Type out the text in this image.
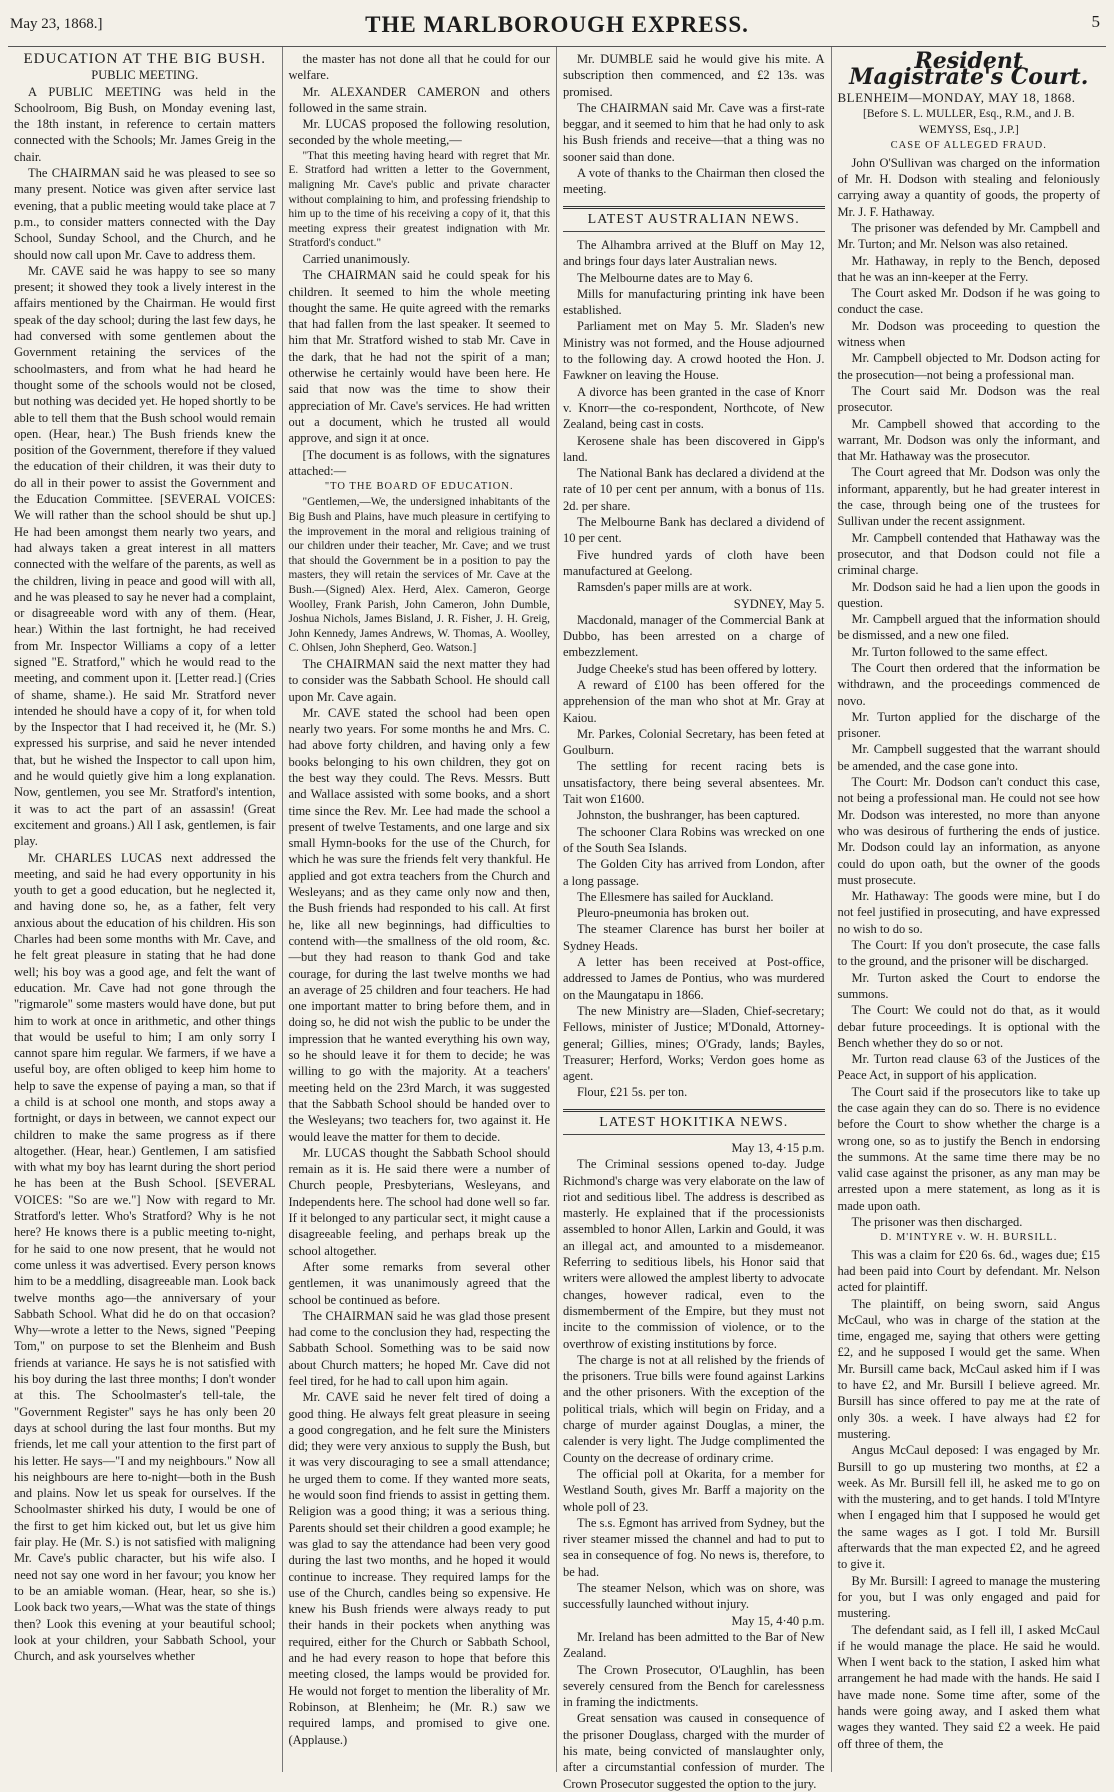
May 23, 1868.]	THE MARLBOROUGH EXPRESS.	5

EDUCATION AT THE BIG BUSH.

PUBLIC MEETING.

A PUBLIC MEETING was held in the Schoolroom, Big Bush, on Monday evening last, the 18th instant, in reference to certain matters connected with the Schools; Mr. James Greig in the chair.

The CHAIRMAN said he was pleased to see so many present. Notice was given after service last evening, that a public meeting would take place at 7 p.m., to consider matters connected with the Day School, Sunday School, and the Church, and he should now call upon Mr. Cave to address them.

Mr. CAVE said he was happy to see so many present; it showed they took a lively interest in the affairs mentioned by the Chairman. He would first speak of the day school; during the last few days, he had conversed with some gentlemen about the Government retaining the services of the schoolmasters, and from what he had heard he thought some of the schools would not be closed, but nothing was decided yet. He hoped shortly to be able to tell them that the Bush school would remain open. (Hear, hear.) The Bush friends knew the position of the Government, therefore if they valued the education of their children, it was their duty to do all in their power to assist the Government and the Education Committee. [SEVERAL VOICES: We will rather than the school should be shut up.] He had been amongst them nearly two years, and had always taken a great interest in all matters connected with the welfare of the parents, as well as the children, living in peace and good will with all, and he was pleased to say he never had a complaint, or disagreeable word with any of them. (Hear, hear.) Within the last fortnight, he had received from Mr. Inspector Williams a copy of a letter signed "E. Stratford," which he would read to the meeting, and comment upon it. [Letter read.] (Cries of shame, shame.). He said Mr. Stratford never intended he should have a copy of it, for when told by the Inspector that I had received it, he (Mr. S.) expressed his surprise, and said he never intended that, but he wished the Inspector to call upon him, and he would quietly give him a long explanation. Now, gentlemen, you see Mr. Stratford's intention, it was to act the part of an assassin! (Great excitement and groans.) All I ask, gentlemen, is fair play.

Mr. CHARLES LUCAS next addressed the meeting, and said he had every opportunity in his youth to get a good education, but he neglected it, and having done so, he, as a father, felt very anxious about the education of his children. His son Charles had been some months with Mr. Cave, and he felt great pleasure in stating that he had done well; his boy was a good age, and felt the want of education. Mr. Cave had not gone through the "rigmarole" some masters would have done, but put him to work at once in arithmetic, and other things that would be useful to him; I am only sorry I cannot spare him regular. We farmers, if we have a useful boy, are often obliged to keep him home to help to save the expense of paying a man, so that if a child is at school one month, and stops away a fortnight, or days in between, we cannot expect our children to make the same progress as if there altogether. (Hear, hear.) Gentlemen, I am satisfied with what my boy has learnt during the short period he has been at the Bush School. [SEVERAL VOICES: "So are we."] Now with regard to Mr. Stratford's letter. Who's Stratford? Why is he not here? He knows there is a public meeting to-night, for he said to one now present, that he would not come unless it was advertised. Every person knows him to be a meddling, disagreeable man. Look back twelve months ago—the anniversary of your Sabbath School. What did he do on that occasion? Why—wrote a letter to the News, signed "Peeping Tom," on purpose to set the Blenheim and Bush friends at variance. He says he is not satisfied with his boy during the last three months; I don't wonder at this. The Schoolmaster's tell-tale, the "Government Register" says he has only been 20 days at school during the last four months. But my friends, let me call your attention to the first part of his letter. He says—"I and my neighbours." Now all his neighbours are here to-night—both in the Bush and plains. Now let us speak for ourselves. If the Schoolmaster shirked his duty, I would be one of the first to get him kicked out, but let us give him fair play. He (Mr. S.) is not satisfied with maligning Mr. Cave's public character, but his wife also. I need not say one word in her favour; you know her to be an amiable woman. (Hear, hear, so she is.) Look back two years,—What was the state of things then? Look this evening at your beautiful school; look at your children, your Sabbath School, your Church, and ask yourselves whether

the master has not done all that he could for our welfare.

Mr. ALEXANDER CAMERON and others followed in the same strain.

Mr. LUCAS proposed the following resolution, seconded by the whole meeting,—

"That this meeting having heard with regret that Mr. E. Stratford had written a letter to the Government, maligning Mr. Cave's public and private character without complaining to him, and professing friendship to him up to the time of his receiving a copy of it, that this meeting express their greatest indignation with Mr. Stratford's conduct."

Carried unanimously.

The CHAIRMAN said he could speak for his children. It seemed to him the whole meeting thought the same. He quite agreed with the remarks that had fallen from the last speaker. It seemed to him that Mr. Stratford wished to stab Mr. Cave in the dark, that he had not the spirit of a man; otherwise he certainly would have been here. He said that now was the time to show their appreciation of Mr. Cave's services. He had written out a document, which he trusted all would approve, and sign it at once.

[The document is as follows, with the signatures attached:—

"TO THE BOARD OF EDUCATION.

"Gentlemen,—We, the undersigned inhabitants of the Big Bush and Plains, have much pleasure in certifying to the improvement in the moral and religious training of our children under their teacher, Mr. Cave; and we trust that should the Government be in a position to pay the masters, they will retain the services of Mr. Cave at the Bush.—(Signed) Alex. Herd, Alex. Cameron, George Woolley, Frank Parish, John Cameron, John Dumble, Joshua Nichols, James Bisland, J. R. Fisher, J. H. Greig, John Kennedy, James Andrews, W. Thomas, A. Woolley, C. Ohlsen, John Shepherd, Geo. Watson.]

The CHAIRMAN said the next matter they had to consider was the Sabbath School. He should call upon Mr. Cave again.

Mr. CAVE stated the school had been open nearly two years. For some months he and Mrs. C. had above forty children, and having only a few books belonging to his own children, they got on the best way they could. The Revs. Messrs. Butt and Wallace assisted with some books, and a short time since the Rev. Mr. Lee had made the school a present of twelve Testaments, and one large and six small Hymn-books for the use of the Church, for which he was sure the friends felt very thankful. He applied and got extra teachers from the Church and Wesleyans; and as they came only now and then, the Bush friends had responded to his call. At first he, like all new beginnings, had difficulties to contend with—the smallness of the old room, &c.—but they had reason to thank God and take courage, for during the last twelve months we had an average of 25 children and four teachers. He had one important matter to bring before them, and in doing so, he did not wish the public to be under the impression that he wanted everything his own way, so he should leave it for them to decide; he was willing to go with the majority. At a teachers' meeting held on the 23rd March, it was suggested that the Sabbath School should be handed over to the Wesleyans; two teachers for, two against it. He would leave the matter for them to decide.

Mr. LUCAS thought the Sabbath School should remain as it is. He said there were a number of Church people, Presbyterians, Wesleyans, and Independents here. The school had done well so far. If it belonged to any particular sect, it might cause a disagreeable feeling, and perhaps break up the school altogether.

After some remarks from several other gentlemen, it was unanimously agreed that the school be continued as before.

The CHAIRMAN said he was glad those present had come to the conclusion they had, respecting the Sabbath School. Something was to be said now about Church matters; he hoped Mr. Cave did not feel tired, for he had to call upon him again.

Mr. CAVE said he never felt tired of doing a good thing. He always felt great pleasure in seeing a good congregation, and he felt sure the Ministers did; they were very anxious to supply the Bush, but it was very discouraging to see a small attendance; he urged them to come. If they wanted more seats, he would soon find friends to assist in getting them. Religion was a good thing; it was a serious thing. Parents should set their children a good example; he was glad to say the attendance had been very good during the last two months, and he hoped it would continue to increase. They required lamps for the use of the Church, candles being so expensive. He knew his Bush friends were always ready to put their hands in their pockets when anything was required, either for the Church or Sabbath School, and he had every reason to hope that before this meeting closed, the lamps would be provided for. He would not forget to mention the liberality of Mr. Robinson, at Blenheim; he (Mr. R.) saw we required lamps, and promised to give one. (Applause.)

Mr. DUMBLE said he would give his mite. A subscription then commenced, and £2 13s. was promised.

The CHAIRMAN said Mr. Cave was a first-rate beggar, and it seemed to him that he had only to ask his Bush friends and receive—that a thing was no sooner said than done.

A vote of thanks to the Chairman then closed the meeting.

LATEST AUSTRALIAN NEWS.

The Alhambra arrived at the Bluff on May 12, and brings four days later Australian news.

The Melbourne dates are to May 6.

Mills for manufacturing printing ink have been established.

Parliament met on May 5. Mr. Sladen's new Ministry was not formed, and the House adjourned to the following day. A crowd hooted the Hon. J. Fawkner on leaving the House.

A divorce has been granted in the case of Knorr v. Knorr—the co-respondent, Northcote, of New Zealand, being cast in costs.

Kerosene shale has been discovered in Gipp's land.

The National Bank has declared a dividend at the rate of 10 per cent per annum, with a bonus of 11s. 2d. per share.

The Melbourne Bank has declared a dividend of 10 per cent.

Five hundred yards of cloth have been manufactured at Geelong.

Ramsden's paper mills are at work.

SYDNEY, May 5.

Macdonald, manager of the Commercial Bank at Dubbo, has been arrested on a charge of embezzlement.

Judge Cheeke's stud has been offered by lottery.

A reward of £100 has been offered for the apprehension of the man who shot at Mr. Gray at Kaiou.

Mr. Parkes, Colonial Secretary, has been feted at Goulburn.

The settling for recent racing bets is unsatisfactory, there being several absentees. Mr. Tait won £1600.

Johnston, the bushranger, has been captured.

The schooner Clara Robins was wrecked on one of the South Sea Islands.

The Golden City has arrived from London, after a long passage.

The Ellesmere has sailed for Auckland.

Pleuro-pneumonia has broken out.

The steamer Clarence has burst her boiler at Sydney Heads.

A letter has been received at Post-office, addressed to James de Pontius, who was murdered on the Maungatapu in 1866.

The new Ministry are—Sladen, Chief-secretary; Fellows, minister of Justice; M'Donald, Attorney-general; Gillies, mines; O'Grady, lands; Bayles, Treasurer; Herford, Works; Verdon goes home as agent.

Flour, £21 5s. per ton.

LATEST HOKITIKA NEWS.

May 13, 4·15 p.m.

The Criminal sessions opened to-day. Judge Richmond's charge was very elaborate on the law of riot and seditious libel. The address is described as masterly. He explained that if the processionists assembled to honor Allen, Larkin and Gould, it was an illegal act, and amounted to a misdemeanor. Referring to seditious libels, his Honor said that writers were allowed the amplest liberty to advocate changes, however radical, even to the dismemberment of the Empire, but they must not incite to the commission of violence, or to the overthrow of existing institutions by force.

The charge is not at all relished by the friends of the prisoners. True bills were found against Larkins and the other prisoners. With the exception of the political trials, which will begin on Friday, and a charge of murder against Douglas, a miner, the calender is very light. The Judge complimented the County on the decrease of ordinary crime.

The official poll at Okarita, for a member for Westland South, gives Mr. Barff a majority on the whole poll of 23.

The s.s. Egmont has arrived from Sydney, but the river steamer missed the channel and had to put to sea in consequence of fog. No news is, therefore, to be had.

The steamer Nelson, which was on shore, was successfully launched without injury.

May 15, 4·40 p.m.

Mr. Ireland has been admitted to the Bar of New Zealand.

The Crown Prosecutor, O'Laughlin, has been severely censured from the Bench for carelessness in framing the indictments.

Great sensation was caused in consequence of the prisoner Douglass, charged with the murder of his mate, being convicted of manslaughter only, after a circumstantial confession of murder. The Crown Prosecutor suggested the option to the jury.

Resident Magistrate's Court.

BLENHEIM—MONDAY, MAY 18, 1868.

[Before S. L. MULLER, Esq., R.M., and J. B. WEMYSS, Esq., J.P.]

CASE OF ALLEGED FRAUD.

John O'Sullivan was charged on the information of Mr. H. Dodson with stealing and feloniously carrying away a quantity of goods, the property of Mr. J. F. Hathaway.

The prisoner was defended by Mr. Campbell and Mr. Turton; and Mr. Nelson was also retained.

Mr. Hathaway, in reply to the Bench, deposed that he was an inn-keeper at the Ferry.

The Court asked Mr. Dodson if he was going to conduct the case.

Mr. Dodson was proceeding to question the witness when

Mr. Campbell objected to Mr. Dodson acting for the prosecution—not being a professional man.

The Court said Mr. Dodson was the real prosecutor.

Mr. Campbell showed that according to the warrant, Mr. Dodson was only the informant, and that Mr. Hathaway was the prosecutor.

The Court agreed that Mr. Dodson was only the informant, apparently, but he had greater interest in the case, through being one of the trustees for Sullivan under the recent assignment.

Mr. Campbell contended that Hathaway was the prosecutor, and that Dodson could not file a criminal charge.

Mr. Dodson said he had a lien upon the goods in question.

Mr. Campbell argued that the information should be dismissed, and a new one filed.

Mr. Turton followed to the same effect.

The Court then ordered that the information be withdrawn, and the proceedings commenced de novo.

Mr. Turton applied for the discharge of the prisoner.

Mr. Campbell suggested that the warrant should be amended, and the case gone into.

The Court: Mr. Dodson can't conduct this case, not being a professional man. He could not see how Mr. Dodson was interested, no more than anyone who was desirous of furthering the ends of justice. Mr. Dodson could lay an information, as anyone could do upon oath, but the owner of the goods must prosecute.

Mr. Hathaway: The goods were mine, but I do not feel justified in prosecuting, and have expressed no wish to do so.

The Court: If you don't prosecute, the case falls to the ground, and the prisoner will be discharged.

Mr. Turton asked the Court to endorse the summons.

The Court: We could not do that, as it would debar future proceedings. It is optional with the Bench whether they do so or not.

Mr. Turton read clause 63 of the Justices of the Peace Act, in support of his application.

The Court said if the prosecutors like to take up the case again they can do so. There is no evidence before the Court to show whether the charge is a wrong one, so as to justify the Bench in endorsing the summons. At the same time there may be no valid case against the prisoner, as any man may be arrested upon a mere statement, as long as it is made upon oath.

The prisoner was then discharged.

D. M'INTYRE v. W. H. BURSILL.

This was a claim for £20 6s. 6d., wages due; £15 had been paid into Court by defendant. Mr. Nelson acted for plaintiff.

The plaintiff, on being sworn, said Angus McCaul, who was in charge of the station at the time, engaged me, saying that others were getting £2, and he supposed I would get the same. When Mr. Bursill came back, McCaul asked him if I was to have £2, and Mr. Bursill I believe agreed. Mr. Bursill has since offered to pay me at the rate of only 30s. a week. I have always had £2 for mustering.

Angus McCaul deposed: I was engaged by Mr. Bursill to go up mustering two months, at £2 a week. As Mr. Bursill fell ill, he asked me to go on with the mustering, and to get hands. I told M'Intyre when I engaged him that I supposed he would get the same wages as I got. I told Mr. Bursill afterwards that the man expected £2, and he agreed to give it.

By Mr. Bursill: I agreed to manage the mustering for you, but I was only engaged and paid for mustering.

The defendant said, as I fell ill, I asked McCaul if he would manage the place. He said he would. When I went back to the station, I asked him what arrangement he had made with the hands. He said I have made none. Some time after, some of the hands were going away, and I asked them what wages they wanted. They said £2 a week. He paid off three of them, the
